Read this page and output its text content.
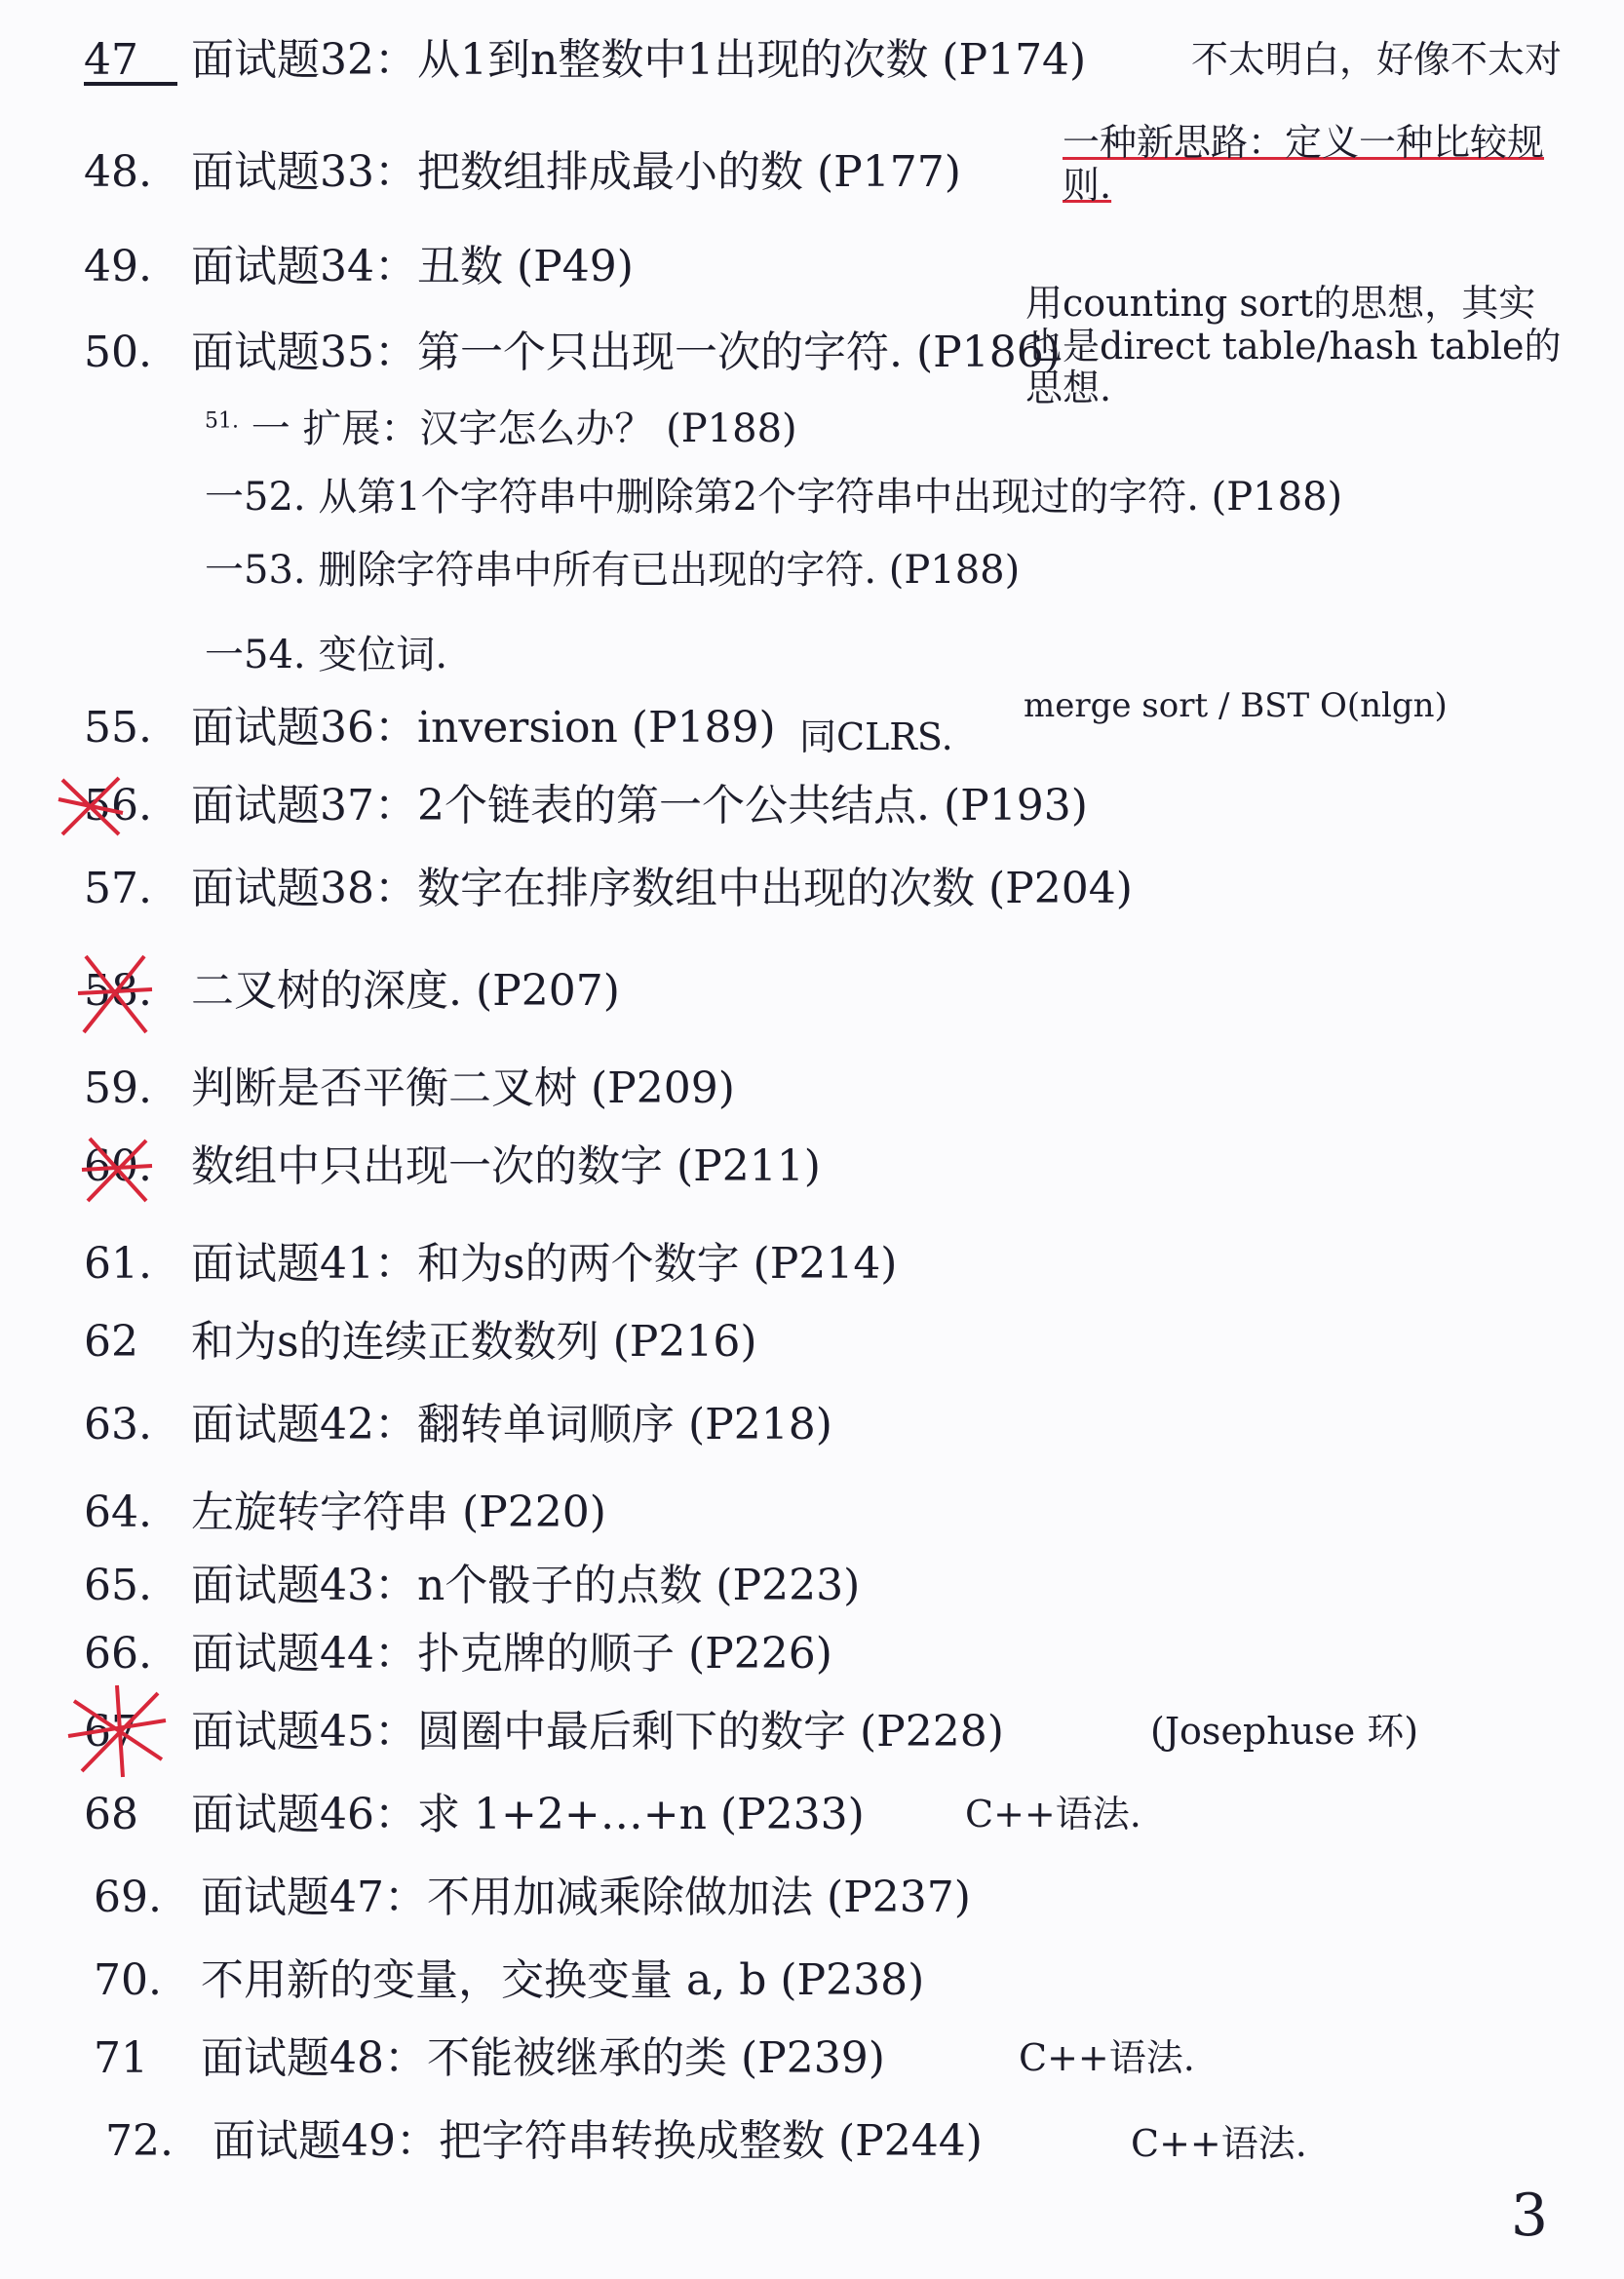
47 面试题32：从1到n整数中1出现的次数 (P174)	不太明白，好像不太对
48. 面试题33：把数组排成最小的数 (P177)
一种新思路：定义一种比较规则.
49. 面试题34：丑数 (P49)
用counting sort的思想，其实也是direct table/hash table的思想.
50. 面试题35：第一个只出现一次的字符. (P186)
$^{51.}$ 一 扩展：汉字怎么办？ (P188)
一52. 从第1个字符串中删除第2个字符串中出现过的字符. (P188)
一53. 删除字符串中所有已出现的字符. (P188)
一54. 变位词.
55. 面试题36：inversion (P189) 同CLRS.
merge sort / BST O(nlgn)
56. 面试题37：2个链表的第一个公共结点. (P193)
57. 面试题38：数字在排序数组中出现的次数 (P204)
58. 二叉树的深度. (P207)
59. 判断是否平衡二叉树 (P209)
60. 数组中只出现一次的数字 (P211)
61. 面试题41：和为s的两个数字 (P214)
62 和为s的连续正数数列 (P216)
63. 面试题42：翻转单词顺序 (P218)
64. 左旋转字符串 (P220)
65. 面试题43：n个骰子的点数 (P223)
66. 面试题44：扑克牌的顺子 (P226)
67 面试题45：圆圈中最后剩下的数字 (P228)	(Josephuse 环)
68 面试题46：求 1+2+…+n (P233)	C++语法.
69. 面试题47：不用加减乘除做加法 (P237)
70. 不用新的变量，交换变量 a, b (P238)
71 面试题48：不能被继承的类 (P239)	C++语法.
72. 面试题49：把字符串转换成整数 (P244)	C++语法.
3
